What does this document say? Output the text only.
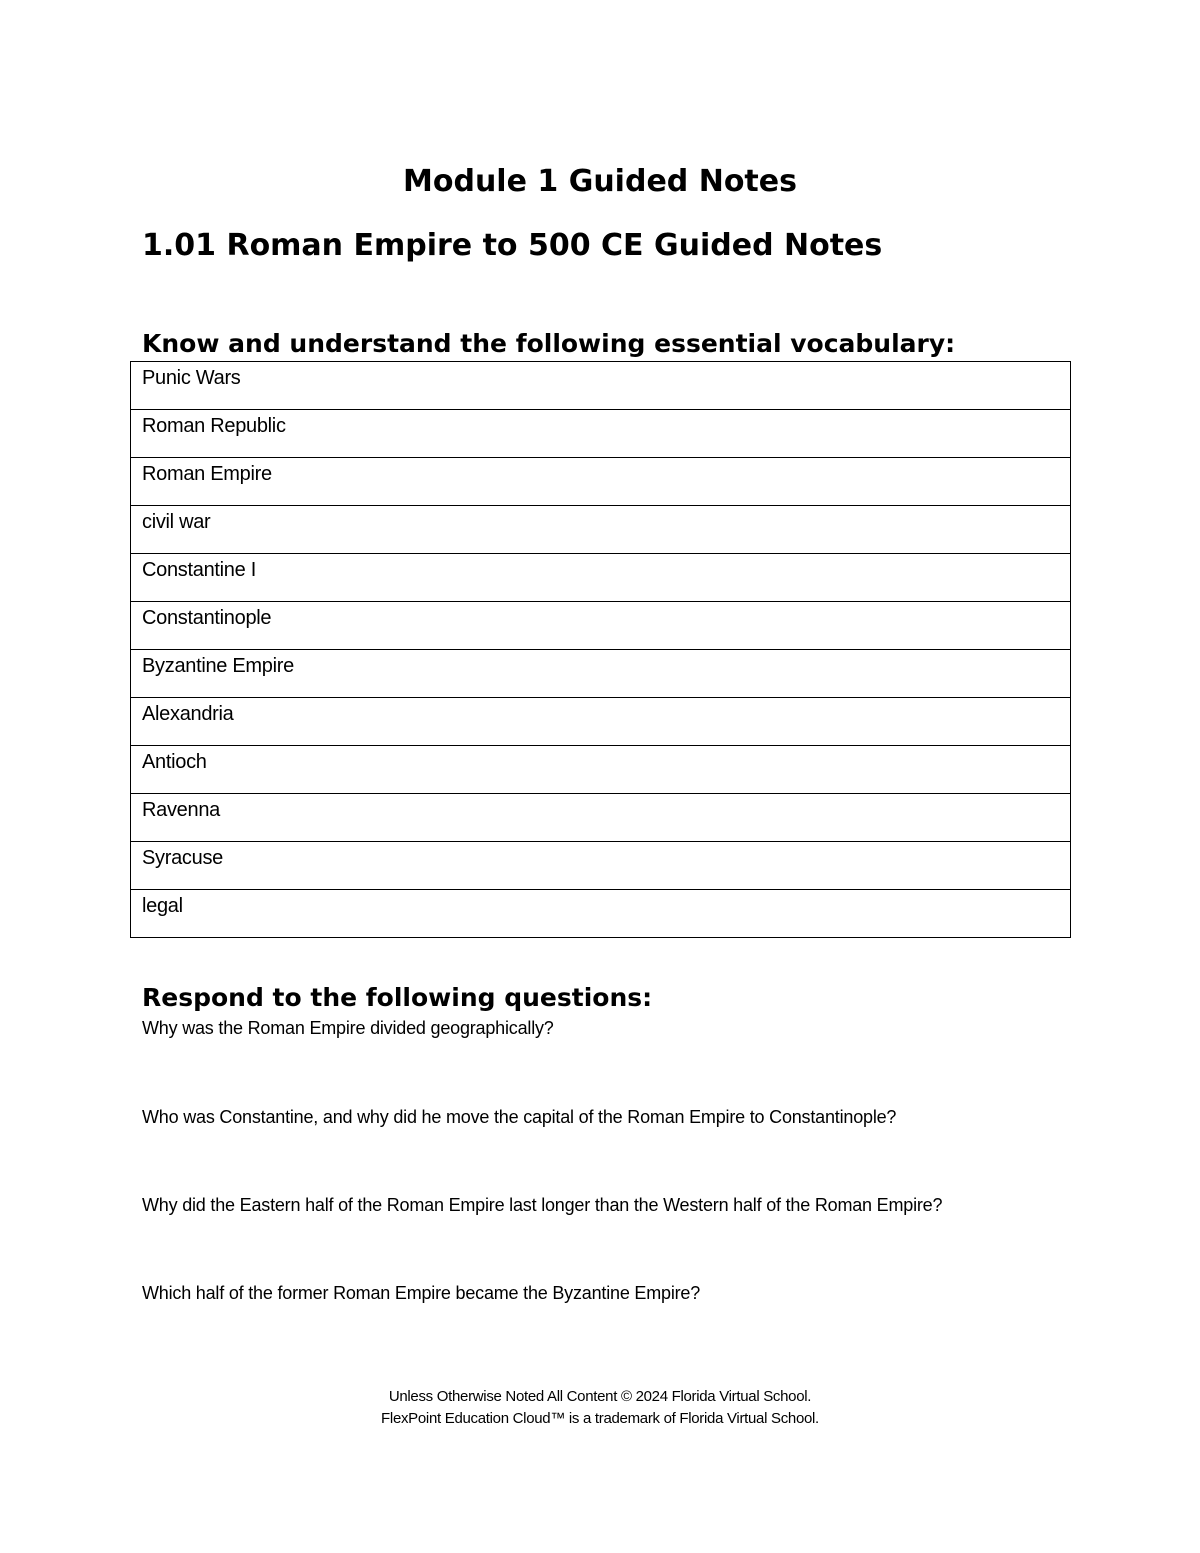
Module 1 Guided Notes
1.01 Roman Empire to 500 CE Guided Notes
Know and understand the following essential vocabulary:
Punic Wars
Roman Republic
Roman Empire
civil war
Constantine I
Constantinople
Byzantine Empire
Alexandria
Antioch
Ravenna
Syracuse
legal
Respond to the following questions:

Why was the Roman Empire divided geographically?

Who was Constantine, and why did he move the capital of the Roman Empire to Constantinople?

Why did the Eastern half of the Roman Empire last longer than the Western half of the Roman Empire?

Which half of the former Roman Empire became the Byzantine Empire?

Unless Otherwise Noted All Content © 2024 Florida Virtual School.
FlexPoint Education Cloud™ is a trademark of Florida Virtual School.
